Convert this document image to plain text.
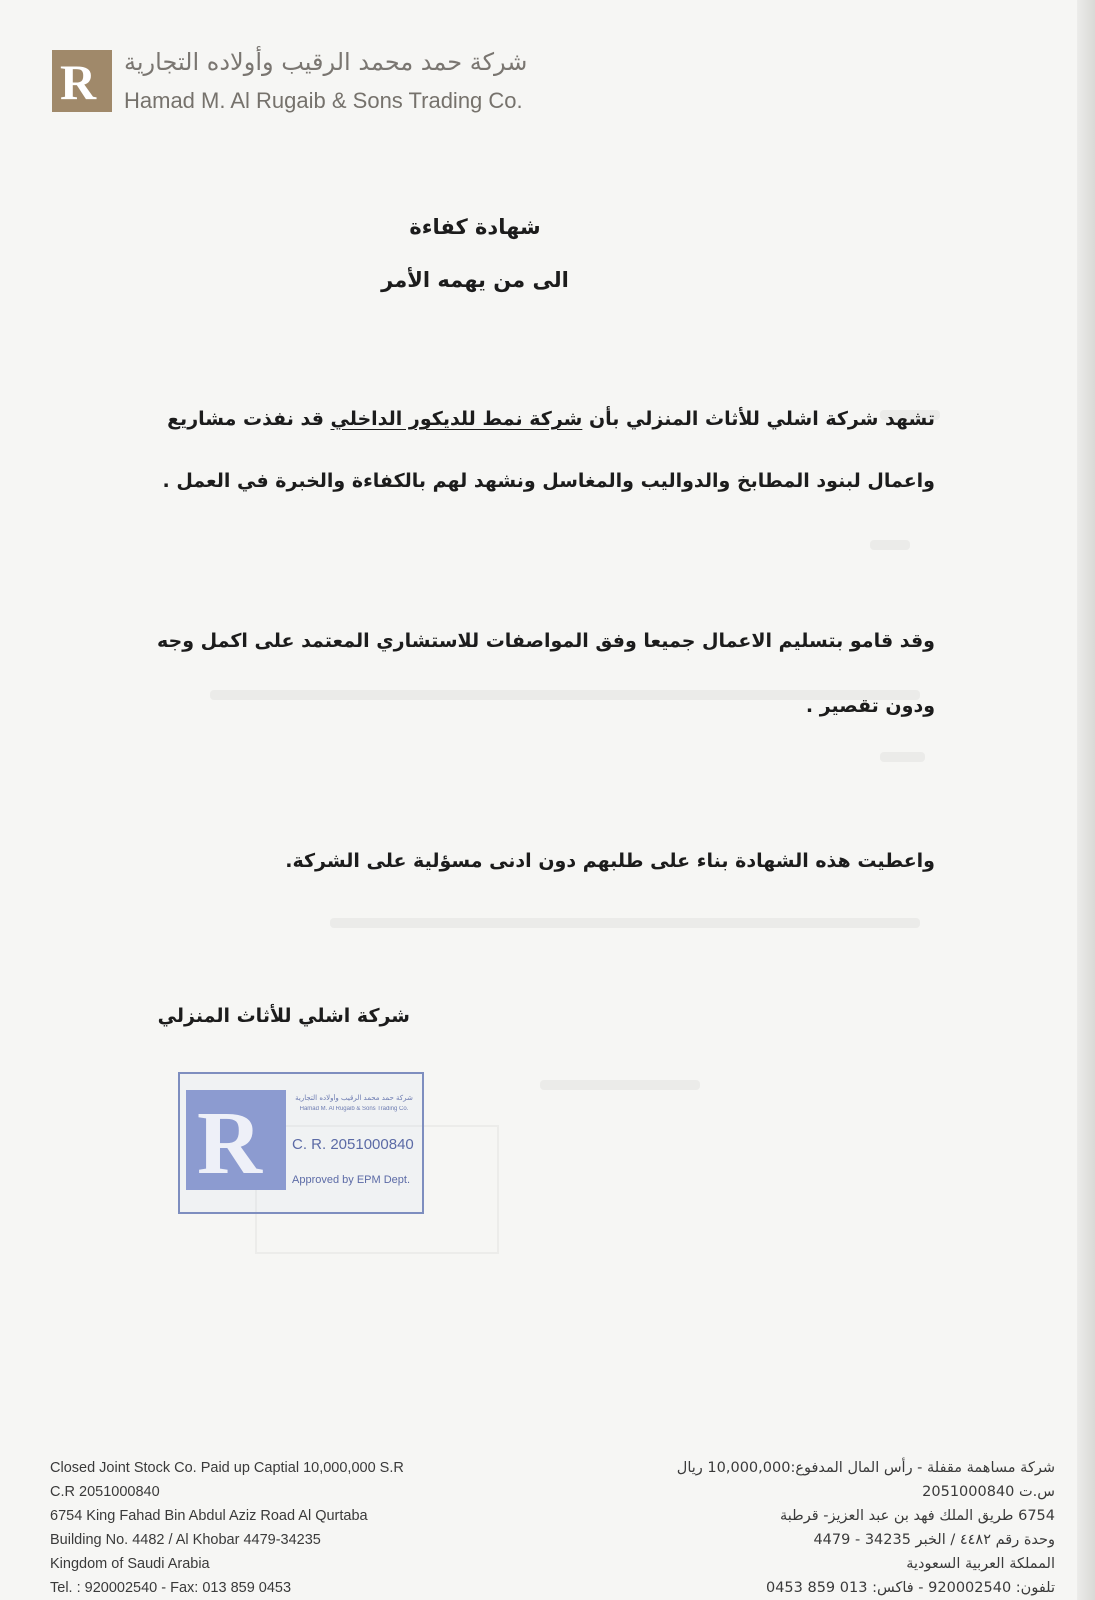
R شركة حمد محمد الرقيب وأولاده التجارية
Hamad M. Al Rugaib & Sons Trading Co.
شهادة كفاءة
الى من يهمه الأمر
تشهد شركة اشلي للأثاث المنزلي بأن شركة نمط للديكور الداخلي قد نفذت مشاريع
واعمال لبنود المطابخ والدواليب والمغاسل ونشهد لهم بالكفاءة والخبرة في العمل .
وقد قامو بتسليم الاعمال جميعا وفق المواصفات للاستشاري المعتمد على اكمل وجه
ودون تقصير .
واعطيت هذه الشهادة بناء على طلبهم دون ادنى مسؤلية على الشركة.
شركة اشلي للأثاث المنزلي
R	شركة حمد محمد الرقيب وأولاده التجارية
Hamad M. Al Rugaib & Sons Trading Co.
C. R. 2051000840
Approved by EPM Dept.
Closed Joint Stock Co. Paid up Captial 10,000,000 S.R
C.R 2051000840
6754 King Fahad Bin Abdul Aziz Road Al Qurtaba
Building No. 4482 / Al Khobar 4479-34235
Kingdom of Saudi Arabia
Tel. : 920002540 - Fax: 013 859 0453
شركة مساهمة مقفلة - رأس المال المدفوع:10,000,000 ريال
س.ت 2051000840
6754 طريق الملك فهد بن عبد العزيز- قرطبة
وحدة رقم ٤٤٨٢ / الخبر 34235 - 4479
المملكة العربية السعودية
تلفون: 920002540 - فاكس: 013 859 0453
